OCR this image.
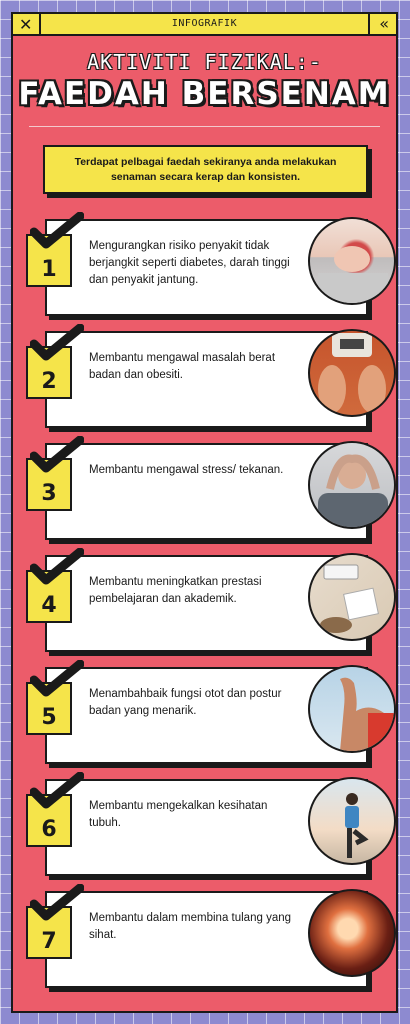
✕	INFOGRAFIK	«
AKTIVITI FIZIKAL:-
FAEDAH BERSENAM
Terdapat pelbagai faedah sekiranya anda melakukan senaman secara kerap dan konsisten.
1
Mengurangkan risiko penyakit tidak berjangkit seperti diabetes, darah tinggi dan penyakit jantung.
2
Membantu mengawal masalah berat badan dan obesiti.
3
Membantu mengawal stress/ tekanan.
4
Membantu meningkatkan prestasi pembelajaran dan akademik.
5
Menambahbaik fungsi otot dan postur badan yang menarik.
6
Membantu mengekalkan kesihatan tubuh.
7
Membantu dalam membina tulang yang sihat.
